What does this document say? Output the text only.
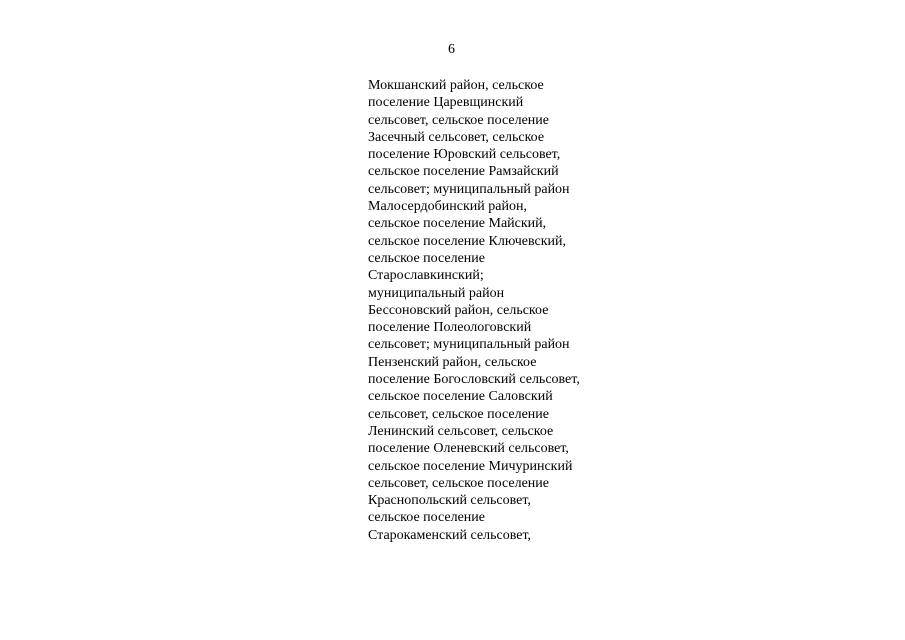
6
Мокшанский район, сельское
поселение Царевщинский
сельсовет, сельское поселение
Засечный сельсовет, сельское
поселение Юровский сельсовет,
сельское поселение Рамзайский
сельсовет; муниципальный район
Малосердобинский район,
сельское поселение Майский,
сельское поселение Ключевский,
сельское поселение
Старославкинский;
муниципальный район
Бессоновский район, сельское
поселение Полеологовский
сельсовет; муниципальный район
Пензенский район, сельское
поселение Богословский сельсовет,
сельское поселение Саловский
сельсовет, сельское поселение
Ленинский сельсовет, сельское
поселение Оленевский сельсовет,
сельское поселение Мичуринский
сельсовет, сельское поселение
Краснопольский сельсовет,
сельское поселение
Старокаменский сельсовет,
